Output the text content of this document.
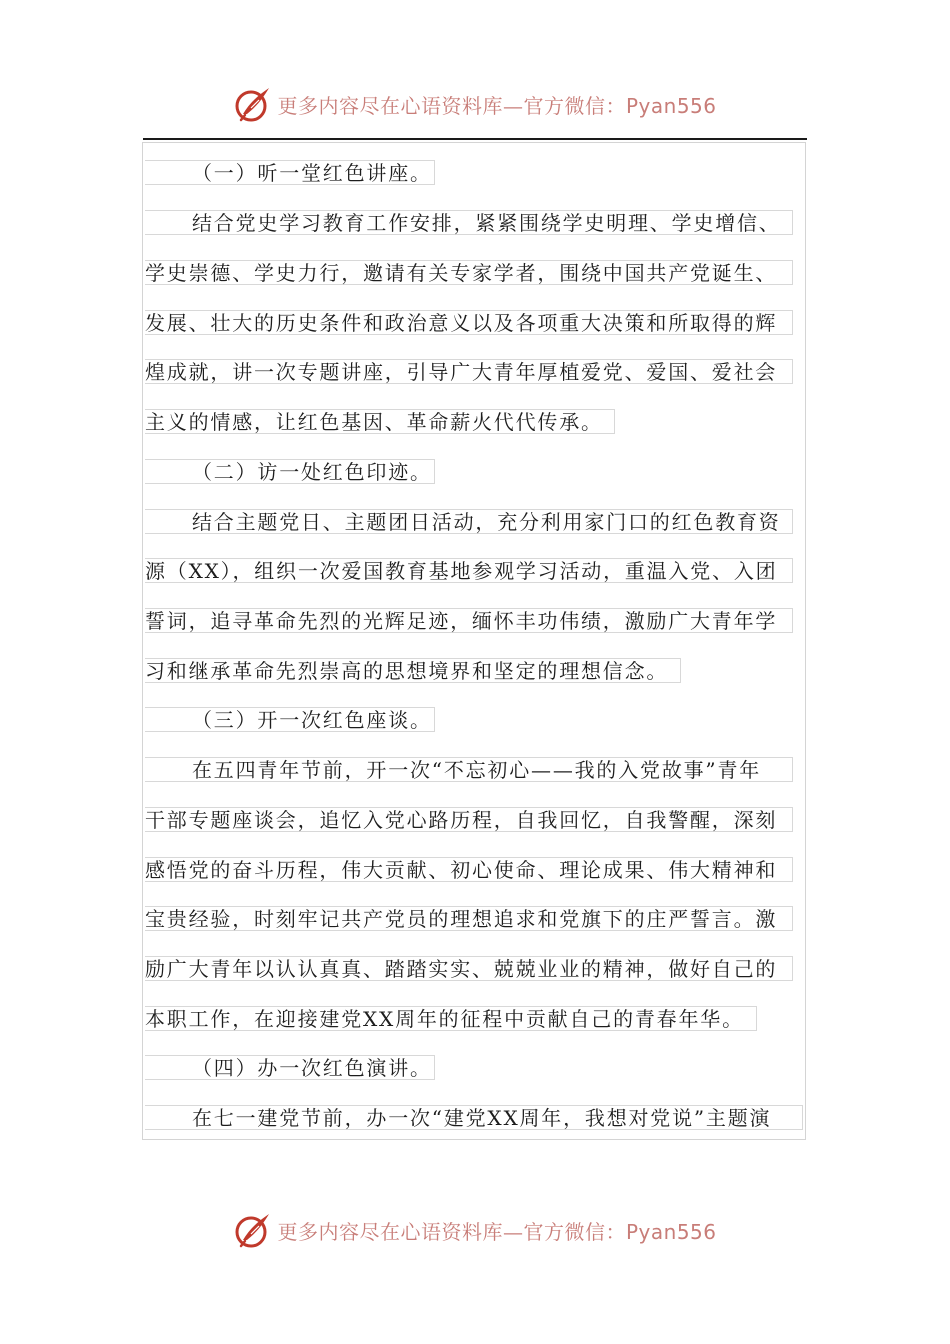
更多内容尽在心语资料库—官方微信：Pyan556
（一）听一堂红色讲座。
结合党史学习教育工作安排，紧紧围绕学史明理、学史增信、
学史崇德、学史力行，邀请有关专家学者，围绕中国共产党诞生、
发展、壮大的历史条件和政治意义以及各项重大决策和所取得的辉
煌成就，讲一次专题讲座，引导广大青年厚植爱党、爱国、爱社会
主义的情感，让红色基因、革命薪火代代传承。
（二）访一处红色印迹。
结合主题党日、主题团日活动，充分利用家门口的红色教育资
源（XX），组织一次爱国教育基地参观学习活动，重温入党、入团
誓词，追寻革命先烈的光辉足迹，缅怀丰功伟绩，激励广大青年学
习和继承革命先烈崇高的思想境界和坚定的理想信念。
（三）开一次红色座谈。
在五四青年节前，开一次“不忘初心——我的入党故事”青年
干部专题座谈会，追忆入党心路历程，自我回忆，自我警醒，深刻
感悟党的奋斗历程，伟大贡献、初心使命、理论成果、伟大精神和
宝贵经验，时刻牢记共产党员的理想追求和党旗下的庄严誓言。激
励广大青年以认认真真、踏踏实实、兢兢业业的精神，做好自己的
本职工作，在迎接建党XX周年的征程中贡献自己的青春年华。
（四）办一次红色演讲。
在七一建党节前，办一次“建党XX周年，我想对党说”主题演
更多内容尽在心语资料库—官方微信：Pyan556
